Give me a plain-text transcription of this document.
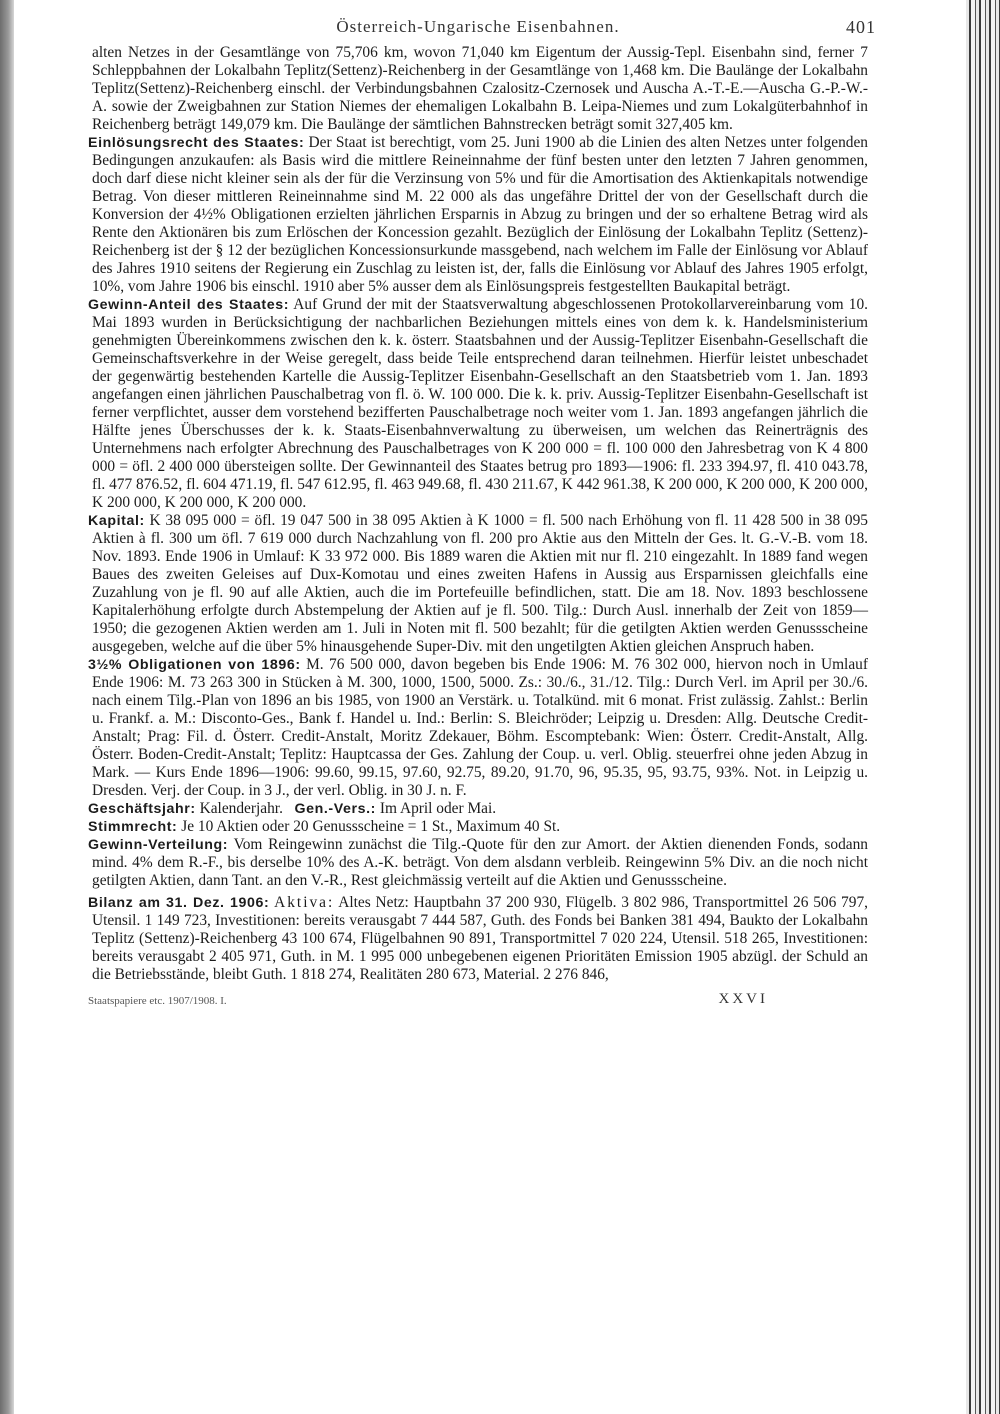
Österreich-Ungarische Eisenbahnen.	401

alten Netzes in der Gesamtlänge von 75,706 km, wovon 71,040 km Eigentum der Aussig-Tepl. Eisenbahn sind, ferner 7 Schleppbahnen der Lokalbahn Teplitz(Settenz)-Reichenberg in der Gesamtlänge von 1,468 km. Die Baulänge der Lokalbahn Teplitz(Settenz)-Reichenberg einschl. der Verbindungsbahnen Czalositz-Czernosek und Auscha A.-T.-E.—Auscha G.-P.-W.-A. sowie der Zweigbahnen zur Station Niemes der ehemaligen Lokalbahn B. Leipa-Niemes und zum Lokalgüterbahnhof in Reichenberg beträgt 149,079 km. Die Baulänge der sämtlichen Bahnstrecken beträgt somit 327,405 km.

Einlösungsrecht des Staates: Der Staat ist berechtigt, vom 25. Juni 1900 ab die Linien des alten Netzes unter folgenden Bedingungen anzukaufen: als Basis wird die mittlere Reineinnahme der fünf besten unter den letzten 7 Jahren genommen, doch darf diese nicht kleiner sein als der für die Verzinsung von 5% und für die Amortisation des Aktienkapitals notwendige Betrag. Von dieser mittleren Reineinnahme sind M. 22 000 als das ungefähre Drittel der von der Gesellschaft durch die Konversion der 4½% Obligationen erzielten jährlichen Ersparnis in Abzug zu bringen und der so erhaltene Betrag wird als Rente den Aktionären bis zum Erlöschen der Koncession gezahlt. Bezüglich der Einlösung der Lokalbahn Teplitz (Settenz)-Reichenberg ist der § 12 der bezüglichen Koncessionsurkunde massgebend, nach welchem im Falle der Einlösung vor Ablauf des Jahres 1910 seitens der Regierung ein Zuschlag zu leisten ist, der, falls die Einlösung vor Ablauf des Jahres 1905 erfolgt, 10%, vom Jahre 1906 bis einschl. 1910 aber 5% ausser dem als Einlösungspreis festgestellten Baukapital beträgt.

Gewinn-Anteil des Staates: Auf Grund der mit der Staatsverwaltung abgeschlossenen Protokollarvereinbarung vom 10. Mai 1893 wurden in Berücksichtigung der nachbarlichen Beziehungen mittels eines von dem k. k. Handelsministerium genehmigten Übereinkommens zwischen den k. k. österr. Staatsbahnen und der Aussig-Teplitzer Eisenbahn-Gesellschaft die Gemeinschaftsverkehre in der Weise geregelt, dass beide Teile entsprechend daran teilnehmen. Hierfür leistet unbeschadet der gegenwärtig bestehenden Kartelle die Aussig-Teplitzer Eisenbahn-Gesellschaft an den Staatsbetrieb vom 1. Jan. 1893 angefangen einen jährlichen Pauschalbetrag von fl. ö. W. 100 000. Die k. k. priv. Aussig-Teplitzer Eisenbahn-Gesellschaft ist ferner verpflichtet, ausser dem vorstehend bezifferten Pauschalbetrage noch weiter vom 1. Jan. 1893 angefangen jährlich die Hälfte jenes Überschusses der k. k. Staats-Eisenbahnverwaltung zu überweisen, um welchen das Reinerträgnis des Unternehmens nach erfolgter Abrechnung des Pauschalbetrages von K 200 000 = fl. 100 000 den Jahresbetrag von K 4 800 000 = öfl. 2 400 000 übersteigen sollte. Der Gewinnanteil des Staates betrug pro 1893—1906: fl. 233 394.97, fl. 410 043.78, fl. 477 876.52, fl. 604 471.19, fl. 547 612.95, fl. 463 949.68, fl. 430 211.67, K 442 961.38, K 200 000, K 200 000, K 200 000, K 200 000, K 200 000, K 200 000.

Kapital: K 38 095 000 = öfl. 19 047 500 in 38 095 Aktien à K 1000 = fl. 500 nach Erhöhung von fl. 11 428 500 in 38 095 Aktien à fl. 300 um öfl. 7 619 000 durch Nachzahlung von fl. 200 pro Aktie aus den Mitteln der Ges. lt. G.-V.-B. vom 18. Nov. 1893. Ende 1906 in Umlauf: K 33 972 000. Bis 1889 waren die Aktien mit nur fl. 210 eingezahlt. In 1889 fand wegen Baues des zweiten Geleises auf Dux-Komotau und eines zweiten Hafens in Aussig aus Ersparnissen gleichfalls eine Zuzahlung von je fl. 90 auf alle Aktien, auch die im Portefeuille befindlichen, statt. Die am 18. Nov. 1893 beschlossene Kapitalerhöhung erfolgte durch Abstempelung der Aktien auf je fl. 500. Tilg.: Durch Ausl. innerhalb der Zeit von 1859—1950; die gezogenen Aktien werden am 1. Juli in Noten mit fl. 500 bezahlt; für die getilgten Aktien werden Genussscheine ausgegeben, welche auf die über 5% hinausgehende Super-Div. mit den ungetilgten Aktien gleichen Anspruch haben.

3½% Obligationen von 1896: M. 76 500 000, davon begeben bis Ende 1906: M. 76 302 000, hiervon noch in Umlauf Ende 1906: M. 73 263 300 in Stücken à M. 300, 1000, 1500, 5000. Zs.: 30./6., 31./12. Tilg.: Durch Verl. im April per 30./6. nach einem Tilg.-Plan von 1896 an bis 1985, von 1900 an Verstärk. u. Totalkünd. mit 6 monat. Frist zulässig. Zahlst.: Berlin u. Frankf. a. M.: Disconto-Ges., Bank f. Handel u. Ind.: Berlin: S. Bleichröder; Leipzig u. Dresden: Allg. Deutsche Credit-Anstalt; Prag: Fil. d. Österr. Credit-Anstalt, Moritz Zdekauer, Böhm. Escomptebank: Wien: Österr. Credit-Anstalt, Allg. Österr. Boden-Credit-Anstalt; Teplitz: Hauptcassa der Ges. Zahlung der Coup. u. verl. Oblig. steuerfrei ohne jeden Abzug in Mark. — Kurs Ende 1896—1906: 99.60, 99.15, 97.60, 92.75, 89.20, 91.70, 96, 95.35, 95, 93.75, 93%. Not. in Leipzig u. Dresden. Verj. der Coup. in 3 J., der verl. Oblig. in 30 J. n. F.

Geschäftsjahr: Kalenderjahr. Gen.-Vers.: Im April oder Mai.

Stimmrecht: Je 10 Aktien oder 20 Genussscheine = 1 St., Maximum 40 St.

Gewinn-Verteilung: Vom Reingewinn zunächst die Tilg.-Quote für den zur Amort. der Aktien dienenden Fonds, sodann mind. 4% dem R.-F., bis derselbe 10% des A.-K. beträgt. Von dem alsdann verbleib. Reingewinn 5% Div. an die noch nicht getilgten Aktien, dann Tant. an den V.-R., Rest gleichmässig verteilt auf die Aktien und Genussscheine.

Bilanz am 31. Dez. 1906: Aktiva: Altes Netz: Hauptbahn 37 200 930, Flügelb. 3 802 986, Transportmittel 26 506 797, Utensil. 1 149 723, Investitionen: bereits verausgabt 7 444 587, Guth. des Fonds bei Banken 381 494, Baukto der Lokalbahn Teplitz (Settenz)-Reichenberg 43 100 674, Flügelbahnen 90 891, Transportmittel 7 020 224, Utensil. 518 265, Investitionen: bereits verausgabt 2 405 971, Guth. in M. 1 995 000 unbegebenen eigenen Prioritäten Emission 1905 abzügl. der Schuld an die Betriebsstände, bleibt Guth. 1 818 274, Realitäten 280 673, Material. 2 276 846,

Staatspapiere etc. 1907/1908. I.	XXVI
